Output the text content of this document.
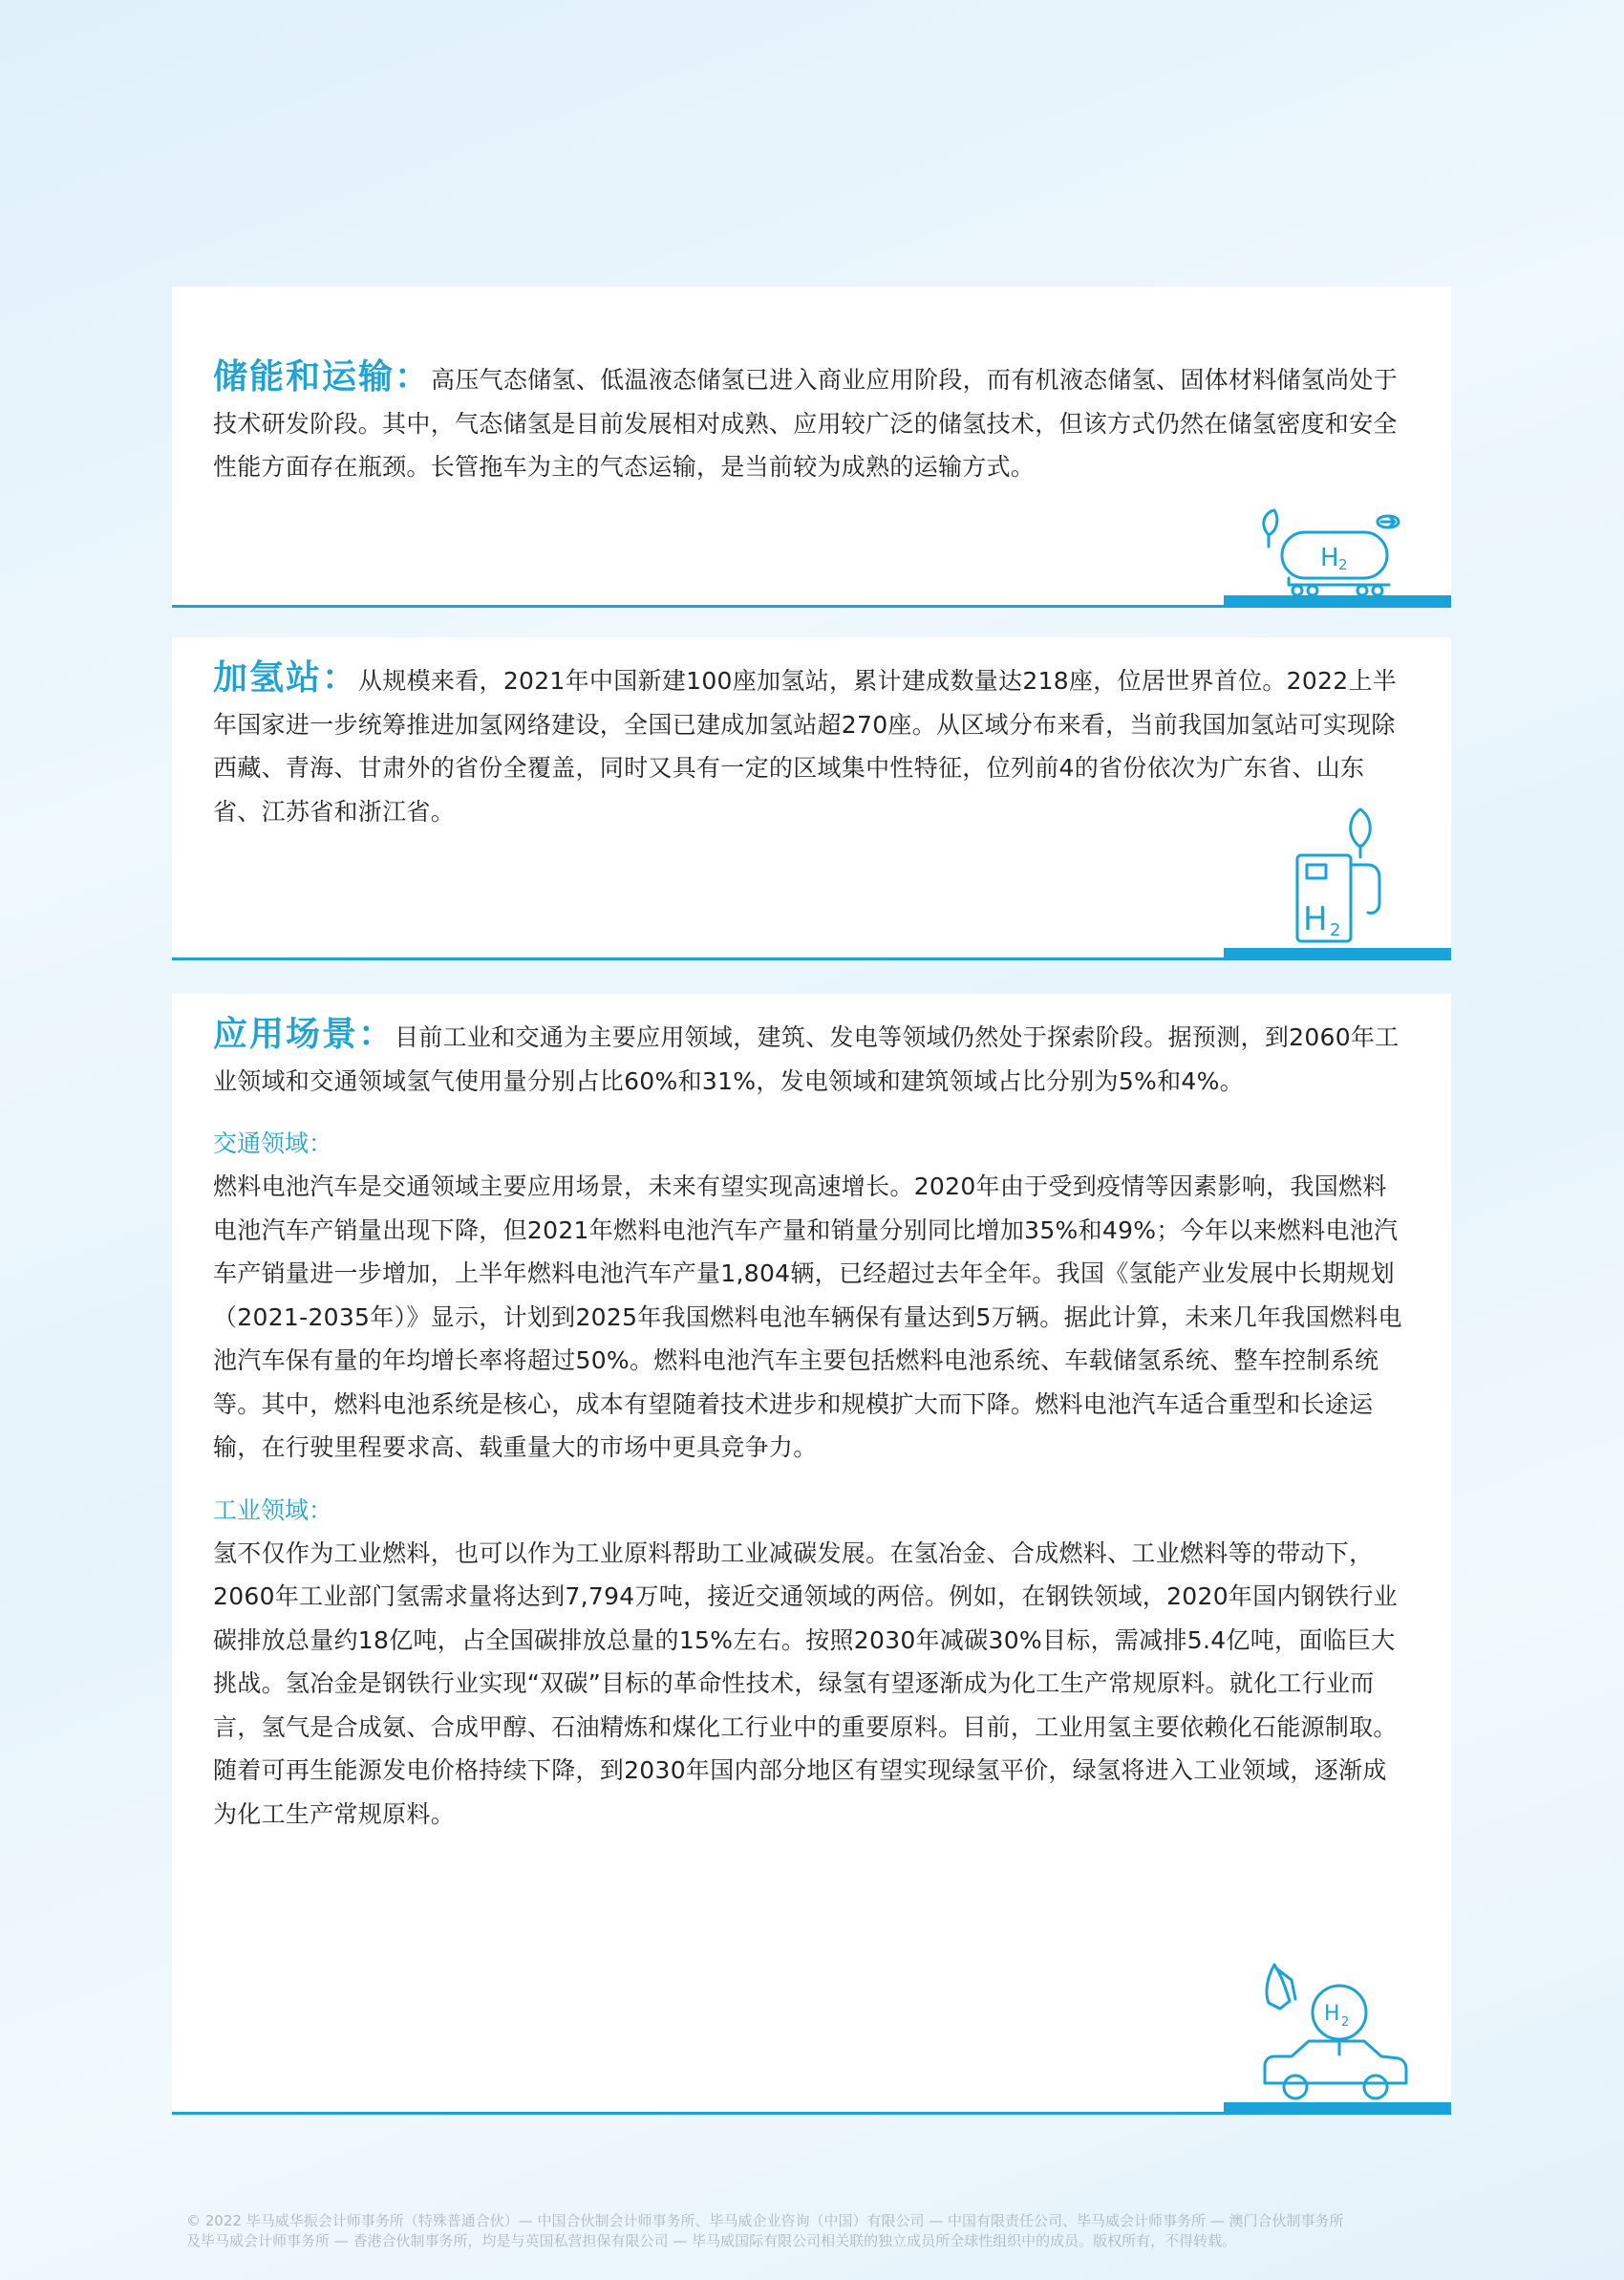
储能和运输：高压气态储氢、低温液态储氢已进入商业应用阶段，而有机液态储氢、固体材料储氢尚处于技术研发阶段。其中，气态储氢是目前发展相对成熟、应用较广泛的储氢技术，但该方式仍然在储氢密度和安全性能方面存在瓶颈。长管拖车为主的气态运输，是当前较为成熟的运输方式。

H 2

加氢站：从规模来看，2021年中国新建100座加氢站，累计建成数量达218座，位居世界首位。2022上半年国家进一步统筹推进加氢网络建设，全国已建成加氢站超270座。从区域分布来看，当前我国加氢站可实现除西藏、青海、甘肃外的省份全覆盖，同时又具有一定的区域集中性特征，位列前4的省份依次为广东省、山东省、江苏省和浙江省。

H 2

应用场景：目前工业和交通为主要应用领域，建筑、发电等领域仍然处于探索阶段。据预测，到2060年工业领域和交通领域氢气使用量分别占比60%和31%，发电领域和建筑领域占比分别为5%和4%。

交通领域：

燃料电池汽车是交通领域主要应用场景，未来有望实现高速增长。2020年由于受到疫情等因素影响，我国燃料电池汽车产销量出现下降，但2021年燃料电池汽车产量和销量分别同比增加35%和49%；今年以来燃料电池汽车产销量进一步增加，上半年燃料电池汽车产量1,804辆，已经超过去年全年。我国《氢能产业发展中长期规划（2021-2035年）》显示，计划到2025年我国燃料电池车辆保有量达到5万辆。据此计算，未来几年我国燃料电池汽车保有量的年均增长率将超过50%。燃料电池汽车主要包括燃料电池系统、车载储氢系统、整车控制系统等。其中，燃料电池系统是核心，成本有望随着技术进步和规模扩大而下降。燃料电池汽车适合重型和长途运输，在行驶里程要求高、载重量大的市场中更具竞争力。

工业领域：

氢不仅作为工业燃料，也可以作为工业原料帮助工业减碳发展。在氢冶金、合成燃料、工业燃料等的带动下，2060年工业部门氢需求量将达到7,794万吨，接近交通领域的两倍。例如，在钢铁领域，2020年国内钢铁行业碳排放总量约18亿吨，占全国碳排放总量的15%左右。按照2030年减碳30%目标，需减排5.4亿吨，面临巨大挑战。氢冶金是钢铁行业实现“双碳”目标的革命性技术，绿氢有望逐渐成为化工生产常规原料。就化工行业而言，氢气是合成氨、合成甲醇、石油精炼和煤化工行业中的重要原料。目前，工业用氢主要依赖化石能源制取。随着可再生能源发电价格持续下降，到2030年国内部分地区有望实现绿氢平价，绿氢将进入工业领域，逐渐成为化工生产常规原料。

H 2

© 2022 毕马威华振会计师事务所（特殊普通合伙）— 中国合伙制会计师事务所、毕马威企业咨询（中国）有限公司 — 中国有限责任公司、毕马威会计师事务所 — 澳门合伙制事务所

及毕马威会计师事务所 — 香港合伙制事务所，均是与英国私营担保有限公司 — 毕马威国际有限公司相关联的独立成员所全球性组织中的成员。版权所有，不得转载。
